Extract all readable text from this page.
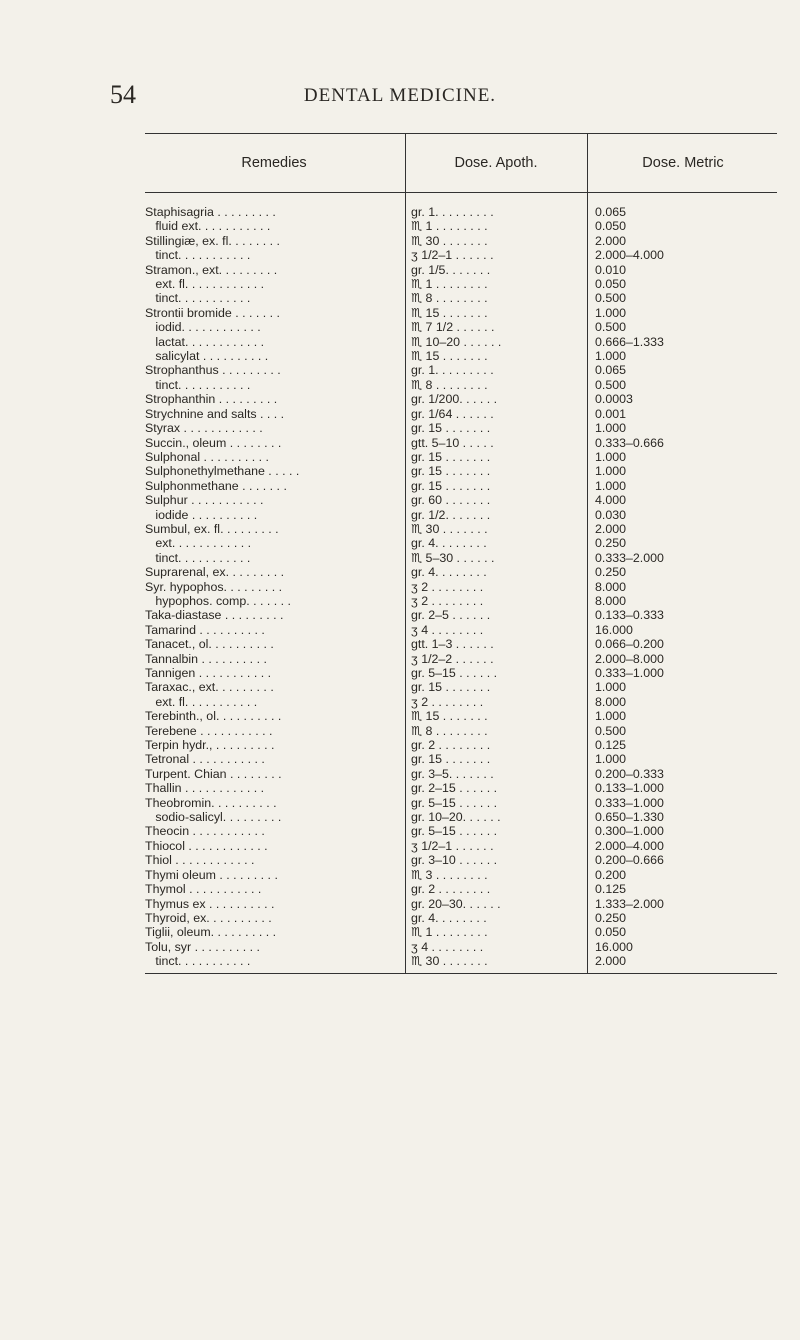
54	DENTAL MEDICINE.
Remedies	Dose. Apoth.	Dose. Metric
Staphisagria . . . . . . . . .	gr. 1. . . . . . . . .	0.065
fluid ext. . . . . . . . . . .	♏ 1 . . . . . . . .	0.050
Stillingiæ, ex. fl. . . . . . . .	♏ 30 . . . . . . .	2.000
tinct. . . . . . . . . . .	ʒ 1/2–1 . . . . . .	2.000–4.000
Stramon., ext. . . . . . . . .	gr. 1/5. . . . . . .	0.010
ext. fl. . . . . . . . . . . .	♏ 1 . . . . . . . .	0.050
tinct. . . . . . . . . . .	♏ 8 . . . . . . . .	0.500
Strontii bromide . . . . . . .	♏ 15 . . . . . . .	1.000
iodid. . . . . . . . . . . .	♏ 7 1/2 . . . . . .	0.500
lactat. . . . . . . . . . . .	♏ 10–20 . . . . . .	0.666–1.333
salicylat . . . . . . . . . .	♏ 15 . . . . . . .	1.000
Strophanthus . . . . . . . . .	gr. 1. . . . . . . . .	0.065
tinct. . . . . . . . . . .	♏ 8 . . . . . . . .	0.500
Strophanthin . . . . . . . . .	gr. 1/200. . . . . .	0.0003
Strychnine and salts . . . .	gr. 1/64 . . . . . .	0.001
Styrax . . . . . . . . . . . .	gr. 15 . . . . . . .	1.000
Succin., oleum . . . . . . . .	gtt. 5–10 . . . . .	0.333–0.666
Sulphonal . . . . . . . . . .	gr. 15 . . . . . . .	1.000
Sulphonethylmethane . . . . .	gr. 15 . . . . . . .	1.000
Sulphonmethane . . . . . . .	gr. 15 . . . . . . .	1.000
Sulphur . . . . . . . . . . .	gr. 60 . . . . . . .	4.000
iodide . . . . . . . . . .	gr. 1/2. . . . . . .	0.030
Sumbul, ex. fl. . . . . . . . .	♏ 30 . . . . . . .	2.000
ext. . . . . . . . . . . .	gr. 4. . . . . . . .	0.250
tinct. . . . . . . . . . .	♏ 5–30 . . . . . .	0.333–2.000
Suprarenal, ex. . . . . . . . .	gr. 4. . . . . . . .	0.250
Syr. hypophos. . . . . . . . .	ʒ 2 . . . . . . . .	8.000
hypophos. comp. . . . . . .	ʒ 2 . . . . . . . .	8.000
Taka-diastase . . . . . . . . .	gr. 2–5 . . . . . .	0.133–0.333
Tamarind . . . . . . . . . .	ʒ 4 . . . . . . . .	16.000
Tanacet., ol. . . . . . . . . .	gtt. 1–3 . . . . . .	0.066–0.200
Tannalbin . . . . . . . . . .	ʒ 1/2–2 . . . . . .	2.000–8.000
Tannigen . . . . . . . . . . .	gr. 5–15 . . . . . .	0.333–1.000
Taraxac., ext. . . . . . . . .	gr. 15 . . . . . . .	1.000
ext. fl. . . . . . . . . . .	ʒ 2 . . . . . . . .	8.000
Terebinth., ol. . . . . . . . . .	♏ 15 . . . . . . .	1.000
Terebene . . . . . . . . . . .	♏ 8 . . . . . . . .	0.500
Terpin hydr., . . . . . . . . .	gr. 2 . . . . . . . .	0.125
Tetronal . . . . . . . . . . .	gr. 15 . . . . . . .	1.000
Turpent. Chian . . . . . . . .	gr. 3–5. . . . . . .	0.200–0.333
Thallin . . . . . . . . . . . .	gr. 2–15 . . . . . .	0.133–1.000
Theobromin. . . . . . . . . .	gr. 5–15 . . . . . .	0.333–1.000
sodio-salicyl. . . . . . . . .	gr. 10–20. . . . . .	0.650–1.330
Theocin . . . . . . . . . . .	gr. 5–15 . . . . . .	0.300–1.000
Thiocol . . . . . . . . . . . .	ʒ 1/2–1 . . . . . .	2.000–4.000
Thiol . . . . . . . . . . . .	gr. 3–10 . . . . . .	0.200–0.666
Thymi oleum . . . . . . . . .	♏ 3 . . . . . . . .	0.200
Thymol . . . . . . . . . . .	gr. 2 . . . . . . . .	0.125
Thymus ex . . . . . . . . . .	gr. 20–30. . . . . .	1.333–2.000
Thyroid, ex. . . . . . . . . .	gr. 4. . . . . . . .	0.250
Tiglii, oleum. . . . . . . . . .	♏ 1 . . . . . . . .	0.050
Tolu, syr . . . . . . . . . .	ʒ 4 . . . . . . . .	16.000
tinct. . . . . . . . . . .	♏ 30 . . . . . . .	2.000
